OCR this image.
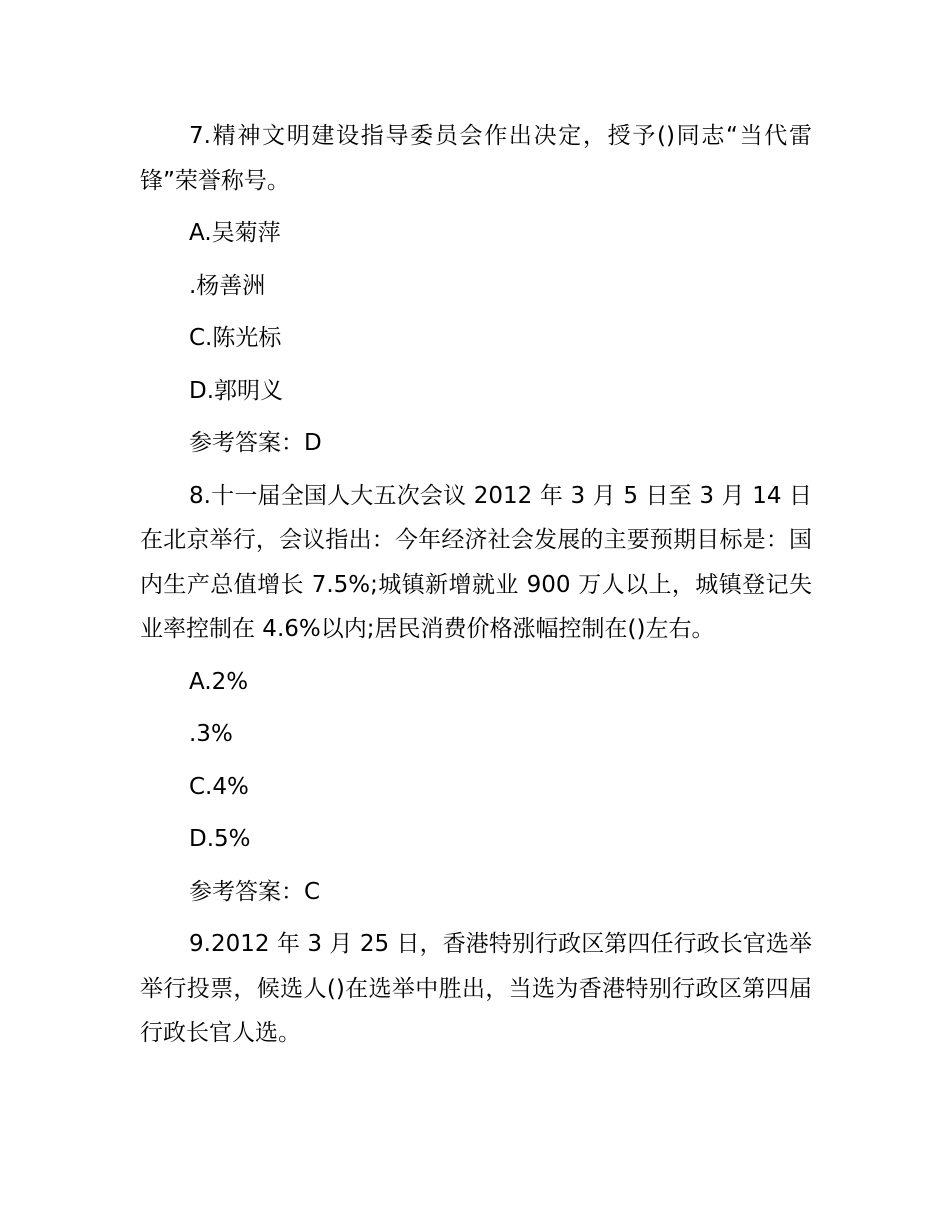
7.精神文明建设指导委员会作出决定，授予()同志“当代雷锋”荣誉称号。

A.吴菊萍

.杨善洲

C.陈光标

D.郭明义

参考答案：D

8.十一届全国人大五次会议 2012 年 3 月 5 日至 3 月 14 日在北京举行，会议指出：今年经济社会发展的主要预期目标是：国内生产总值增长 7.5%;城镇新增就业 900 万人以上，城镇登记失业率控制在 4.6%以内;居民消费价格涨幅控制在()左右。

A.2%

.3%

C.4%

D.5%

参考答案：C

9.2012 年 3 月 25 日，香港特别行政区第四任行政长官选举举行投票，候选人()在选举中胜出，当选为香港特别行政区第四届行政长官人选。
